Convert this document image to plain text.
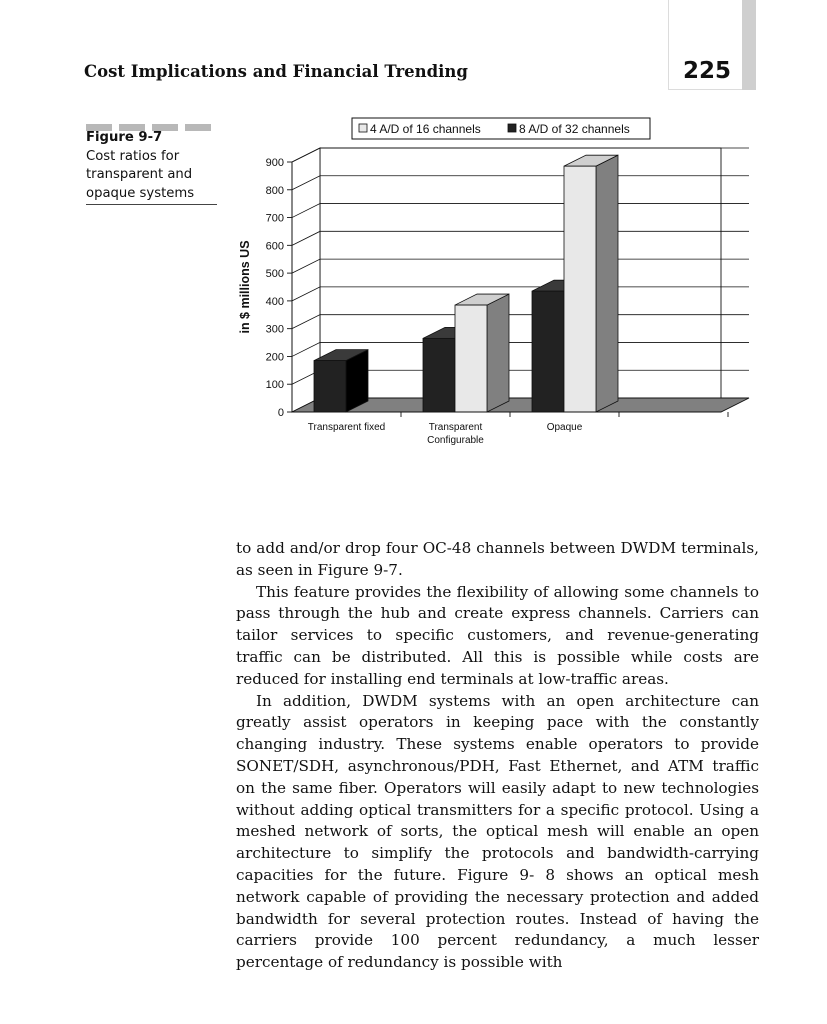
Cost Implications and Financial Trending	225
Figure 9-7
Cost ratios for transparent and opaque systems
0
100
200
300
400
500
600
700
800
900
in $ millions US
Transparent fixed	Transparent
Configurable
Opaque
4 A/D of 16 channels	8 A/D of 32 channels

to add and/or drop four OC-48 channels between DWDM terminals, as seen in Figure 9-7.

This feature provides the flexibility of allowing some channels to pass through the hub and create express channels. Carriers can tailor services to specific customers, and revenue-generating traffic can be distributed. All this is possible while costs are reduced for installing end terminals at low-traffic areas.

In addition, DWDM systems with an open architecture can greatly assist operators in keeping pace with the constantly changing industry. These systems enable operators to provide SONET/SDH, asynchronous/PDH, Fast Ethernet, and ATM traffic on the same fiber. Operators will easily adapt to new technologies without adding optical transmitters for a specific protocol. Using a meshed network of sorts, the optical mesh will enable an open architecture to simplify the protocols and bandwidth-carrying capacities for the future. Figure 9- 8 shows an optical mesh network capable of providing the necessary protection and added bandwidth for several protection routes. Instead of having the carriers provide 100 percent redundancy, a much lesser percentage of redundancy is possible with
